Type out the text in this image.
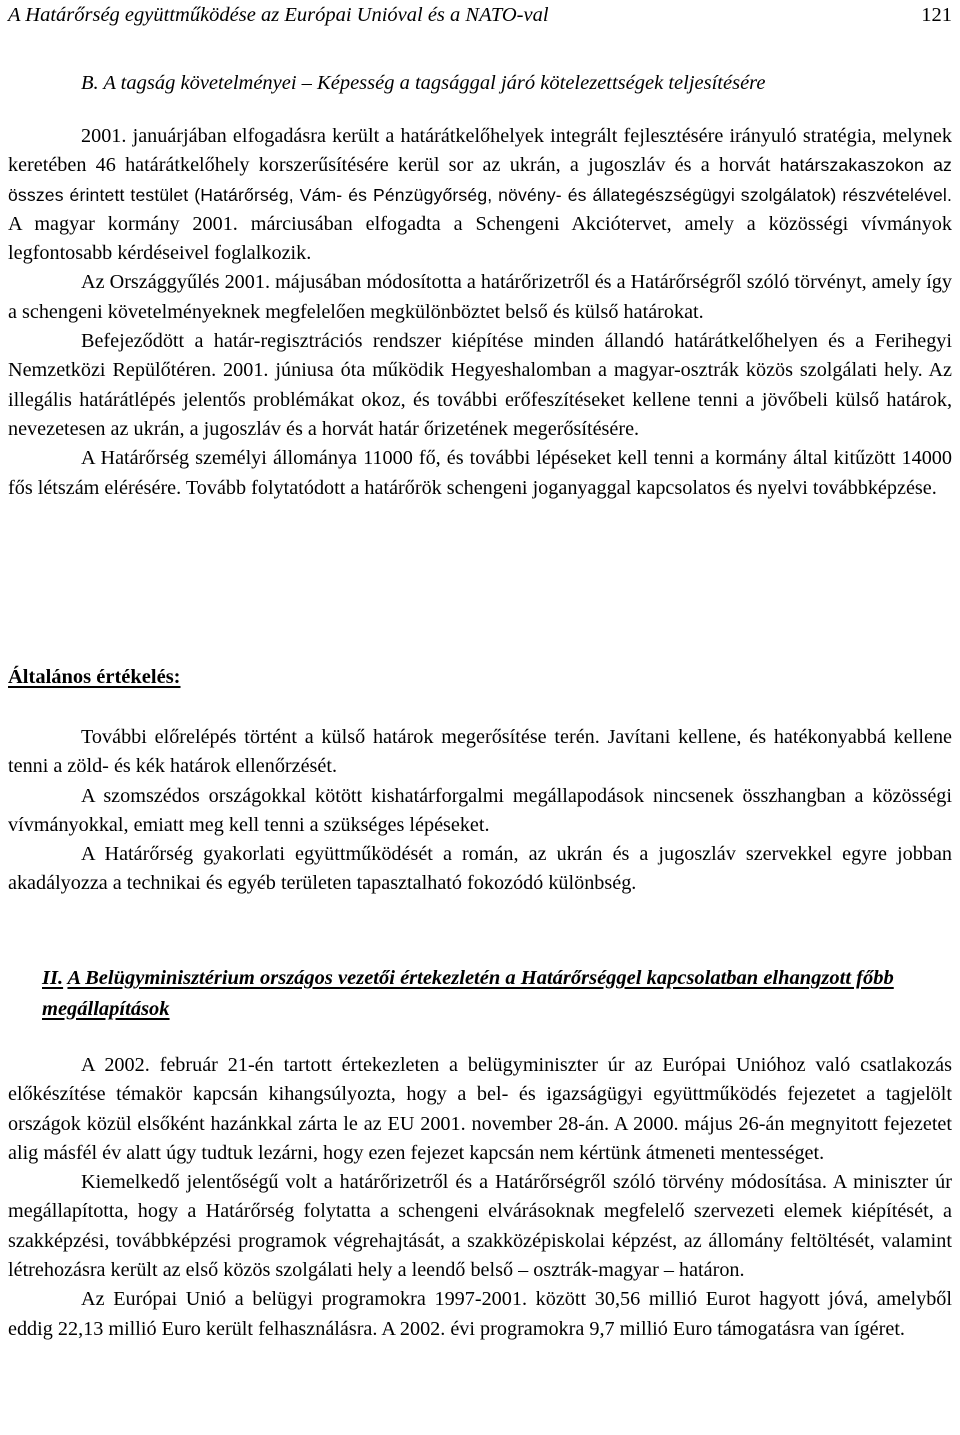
A Határőrség együttműködése az Európai Unióval és a NATO-val	121
B. A tagság követelményei – Képesség a tagsággal járó kötelezettségek teljesítésére

2001. januárjában elfogadásra került a határátkelőhelyek integrált fejlesztésére irányuló stratégia, melynek keretében 46 határátkelőhely korszerűsítésére kerül sor az ukrán, a jugoszláv és a horvát határszakaszokon az összes érintett testület (Határőrség, Vám- és Pénzügyőrség, növény- és állategészségügyi szolgálatok) részvételével. A magyar kormány 2001. márciusában elfogadta a Schengeni Akciótervet, amely a közösségi vívmányok legfontosabb kérdéseivel foglalkozik.

Az Országgyűlés 2001. májusában módosította a határőrizetről és a Határőrségről szóló törvényt, amely így a schengeni követelményeknek megfelelően megkülönböztet belső és külső határokat.

Befejeződött a határ-regisztrációs rendszer kiépítése minden állandó határátkelőhelyen és a Ferihegyi Nemzetközi Repülőtéren. 2001. júniusa óta működik Hegyeshalomban a magyar-osztrák közös szolgálati hely. Az illegális határátlépés jelentős problémákat okoz, és további erőfeszítéseket kellene tenni a jövőbeli külső határok, nevezetesen az ukrán, a jugoszláv és a horvát határ őrizetének megerősítésére.

A Határőrség személyi állománya 11000 fő, és további lépéseket kell tenni a kormány által kitűzött 14000 fős létszám elérésére. Tovább folytatódott a határőrök schengeni joganyaggal kapcsolatos és nyelvi továbbképzése.

Általános értékelés:

További előrelépés történt a külső határok megerősítése terén. Javítani kellene, és hatékonyabbá kellene tenni a zöld- és kék határok ellenőrzését.

A szomszédos országokkal kötött kishatárforgalmi megállapodások nincsenek összhangban a közösségi vívmányokkal, emiatt meg kell tenni a szükséges lépéseket.

A Határőrség gyakorlati együttműködését a román, az ukrán és a jugoszláv szervekkel egyre jobban akadályozza a technikai és egyéb területen tapasztalható fokozódó különbség.

II. A Belügyminisztérium országos vezetői értekezletén a Határőrséggel kapcsolatban elhangzott főbb megállapítások

A 2002. február 21-én tartott értekezleten a belügyminiszter úr az Európai Unióhoz való csatlakozás előkészítése témakör kapcsán kihangsúlyozta, hogy a bel- és igazságügyi együttműködés fejezetet a tagjelölt országok közül elsőként hazánkkal zárta le az EU 2001. november 28-án. A 2000. május 26-án megnyitott fejezetet alig másfél év alatt úgy tudtuk lezárni, hogy ezen fejezet kapcsán nem kértünk átmeneti mentességet.

Kiemelkedő jelentőségű volt a határőrizetről és a Határőrségről szóló törvény módosítása. A miniszter úr megállapította, hogy a Határőrség folytatta a schengeni elvárásoknak megfelelő szervezeti elemek kiépítését, a szakképzési, továbbképzési programok végrehajtását, a szakközépiskolai képzést, az állomány feltöltését, valamint létrehozásra került az első közös szolgálati hely a leendő belső – osztrák-magyar – határon.

Az Európai Unió a belügyi programokra 1997-2001. között 30,56 millió Eurot hagyott jóvá, amelyből eddig 22,13 millió Euro került felhasználásra. A 2002. évi programokra 9,7 millió Euro támogatásra van ígéret.
